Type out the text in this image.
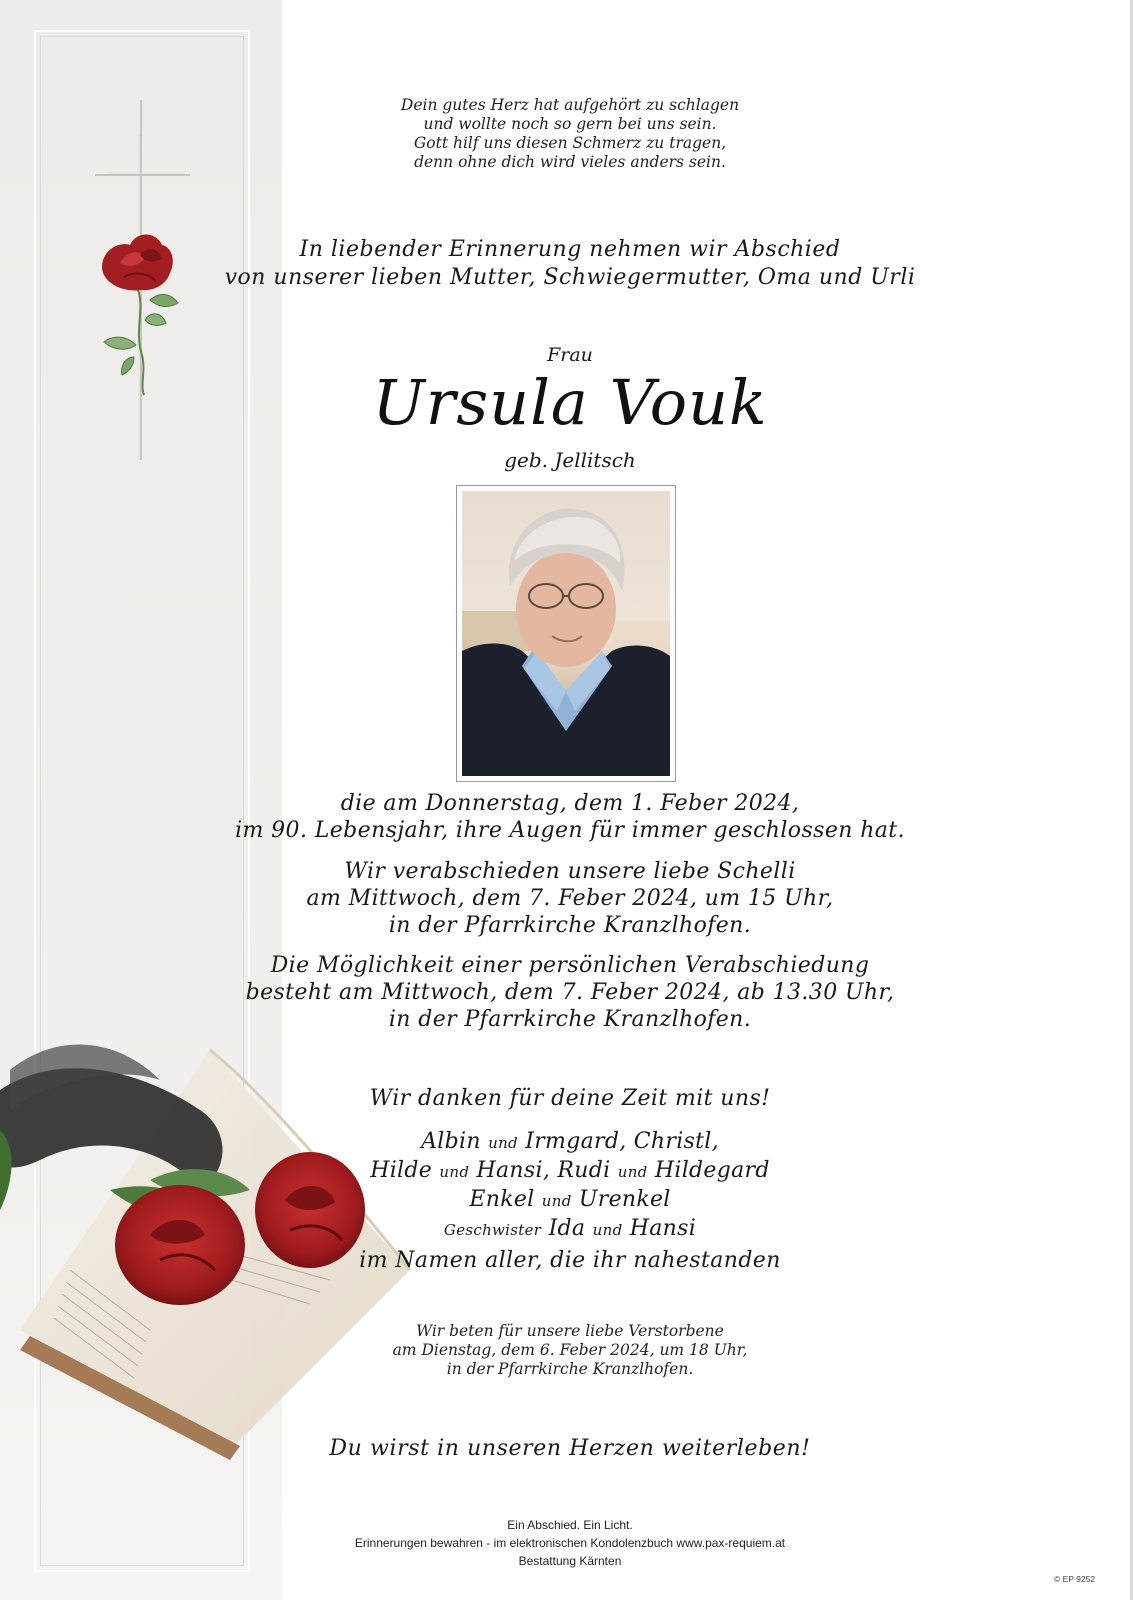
Dein gutes Herz hat aufgehört zu schlagen
und wollte noch so gern bei uns sein.
Gott hilf uns diesen Schmerz zu tragen,
denn ohne dich wird vieles anders sein.
In liebender Erinnerung nehmen wir Abschied
von unserer lieben Mutter, Schwiegermutter, Oma und Urli
Frau
Ursula Vouk
geb. Jellitsch
die am Donnerstag, dem 1. Feber 2024,
im 90. Lebensjahr, ihre Augen für immer geschlossen hat.
Wir verabschieden unsere liebe Schelli
am Mittwoch, dem 7. Feber 2024, um 15 Uhr,
in der Pfarrkirche Kranzlhofen.
Die Möglichkeit einer persönlichen Verabschiedung
besteht am Mittwoch, dem 7. Feber 2024, ab 13.30 Uhr,
in der Pfarrkirche Kranzlhofen.
Wir danken für deine Zeit mit uns!
Albin und Irmgard, Christl,
Hilde und Hansi, Rudi und Hildegard
Enkel und Urenkel
Geschwister Ida und Hansi
im Namen aller, die ihr nahestanden
Wir beten für unsere liebe Verstorbene
am Dienstag, dem 6. Feber 2024, um 18 Uhr,
in der Pfarrkirche Kranzlhofen.
Du wirst in unseren Herzen weiterleben!
Ein Abschied. Ein Licht.
Erinnerungen bewahren - im elektronischen Kondolenzbuch www.pax-requiem.at
Bestattung Kärnten
© EP 9252
